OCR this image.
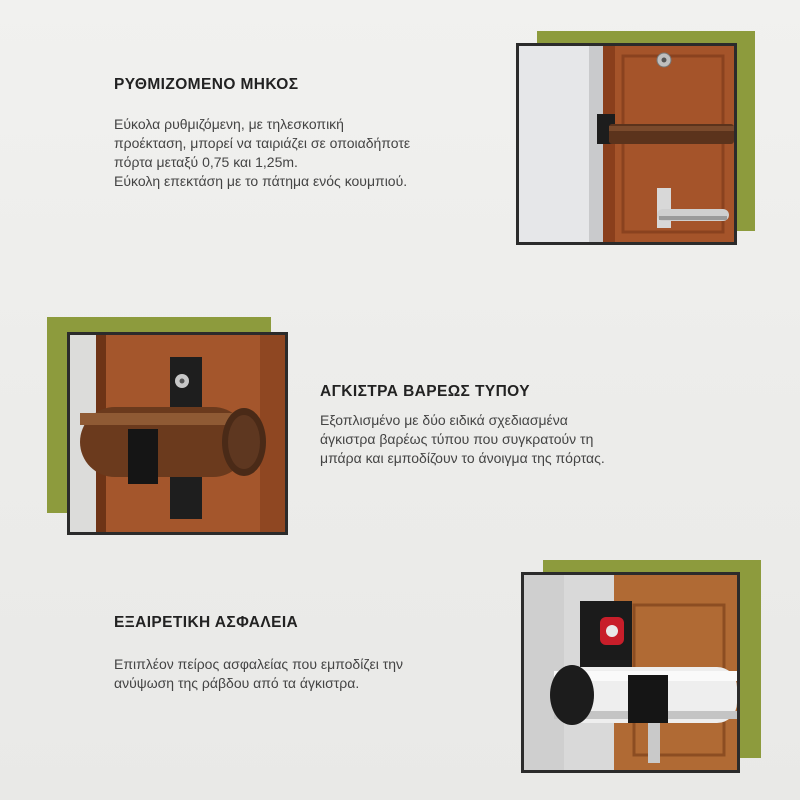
ΡΥΘΜΙΖΟΜΕΝΟ ΜΗΚΟΣ

Εύκολα ρυθμιζόμενη, με τηλεσκοπική
προέκταση, μπορεί να ταιριάζει σε οποιαδήποτε
πόρτα μεταξύ 0,75 και 1,25m.
Εύκολη επεκτάση με το πάτημα ενός κουμπιού.

ΑΓΚΙΣΤΡΑ ΒΑΡΕΩΣ ΤΥΠΟΥ

Εξοπλισμένο με δύο ειδικά σχεδιασμένα
άγκιστρα βαρέως τύπου που συγκρατούν τη
μπάρα και εμποδίζουν το άνοιγμα της πόρτας.

ΕΞΑΙΡΕΤΙΚΗ ΑΣΦΑΛΕΙΑ

Επιπλέον πείρος ασφαλείας που εμποδίζει την
ανύψωση της ράβδου από τα άγκιστρα.
